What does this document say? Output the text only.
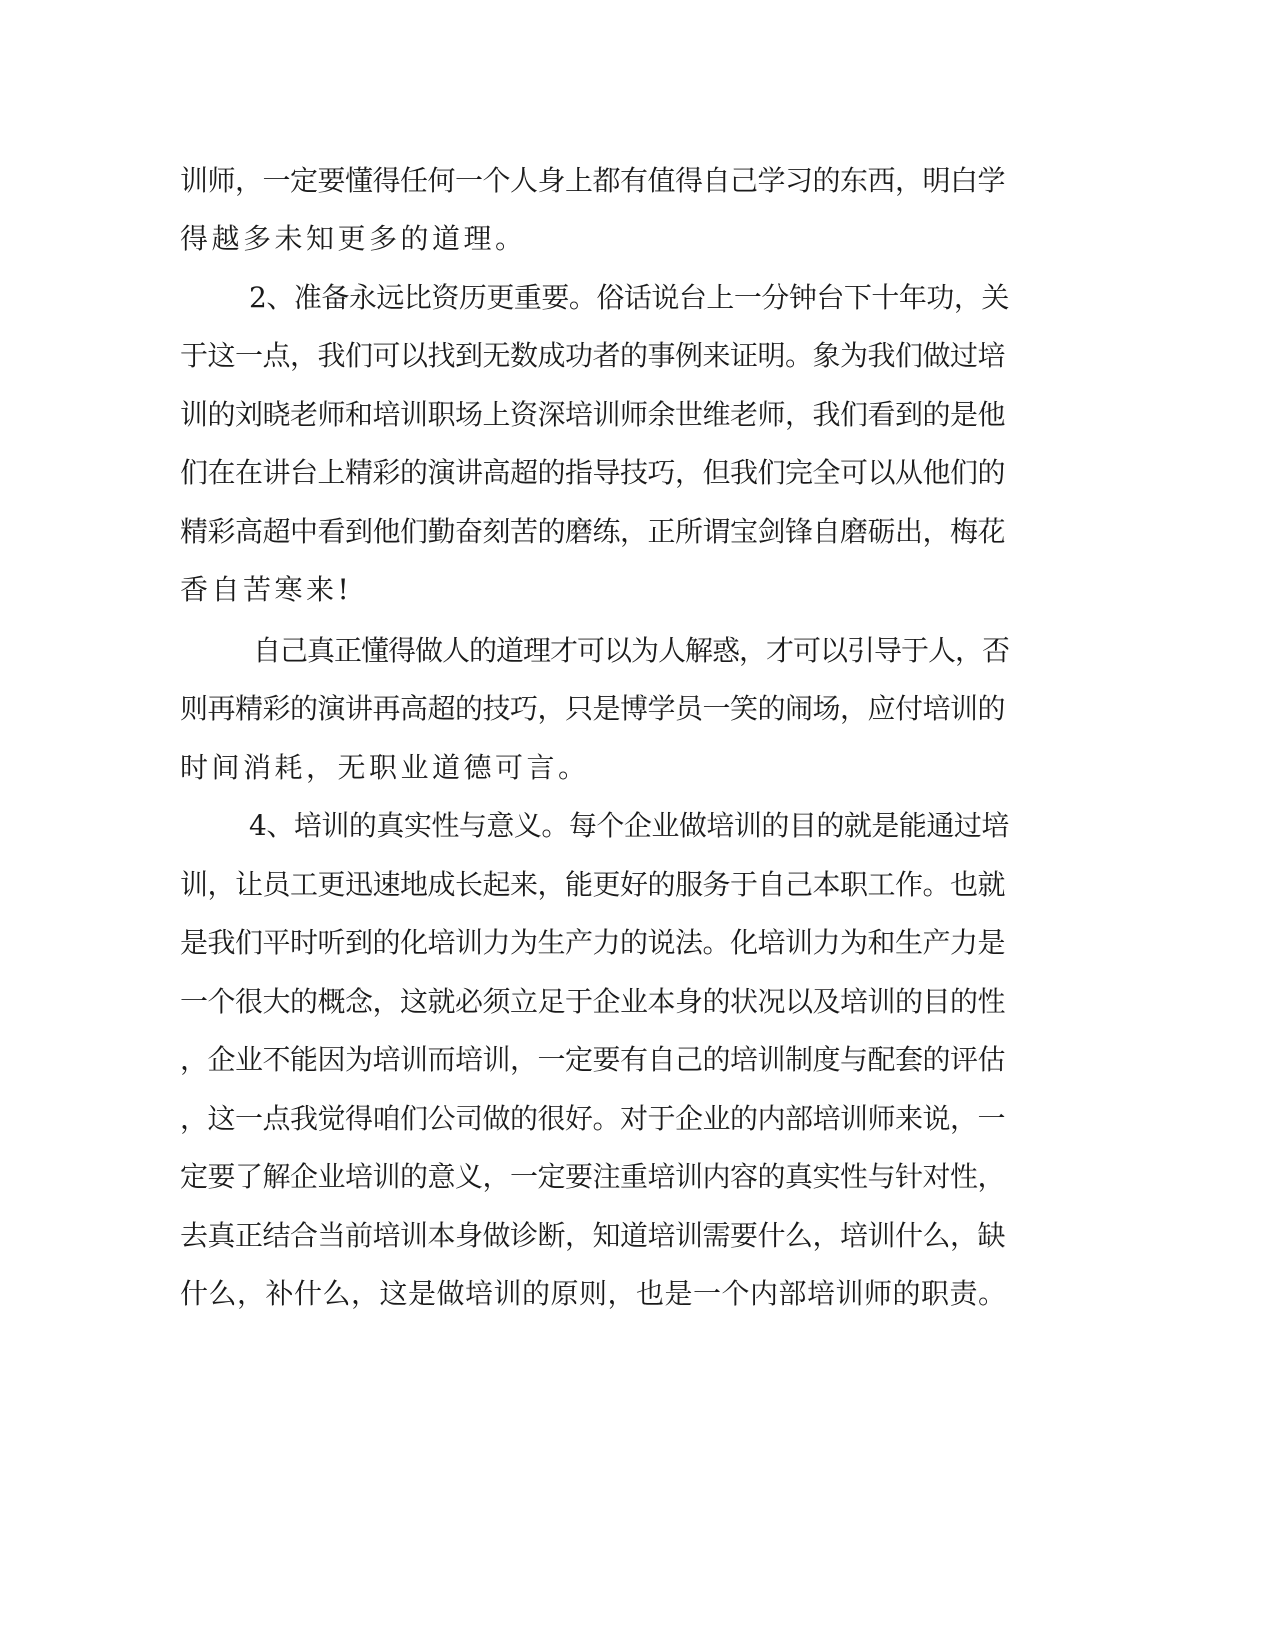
训师，一定要懂得任何一个人身上都有值得自己学习的东西，明白学

得越多未知更多的道理。

2、准备永远比资历更重要。俗话说台上一分钟台下十年功，关

于这一点，我们可以找到无数成功者的事例来证明。象为我们做过培

训的刘晓老师和培训职场上资深培训师余世维老师，我们看到的是他

们在在讲台上精彩的演讲高超的指导技巧，但我们完全可以从他们的

精彩高超中看到他们勤奋刻苦的磨练，正所谓宝剑锋自磨砺出，梅花

香自苦寒来!

自己真正懂得做人的道理才可以为人解惑，才可以引导于人，否

则再精彩的演讲再高超的技巧，只是博学员一笑的闹场，应付培训的

时间消耗，无职业道德可言。

4、培训的真实性与意义。每个企业做培训的目的就是能通过培

训，让员工更迅速地成长起来，能更好的服务于自己本职工作。也就

是我们平时听到的化培训力为生产力的说法。化培训力为和生产力是

一个很大的概念，这就必须立足于企业本身的状况以及培训的目的性

，企业不能因为培训而培训，一定要有自己的培训制度与配套的评估

，这一点我觉得咱们公司做的很好。对于企业的内部培训师来说，一

定要了解企业培训的意义，一定要注重培训内容的真实性与针对性，

去真正结合当前培训本身做诊断，知道培训需要什么，培训什么，缺

什么，补什么，这是做培训的原则，也是一个内部培训师的职责。
